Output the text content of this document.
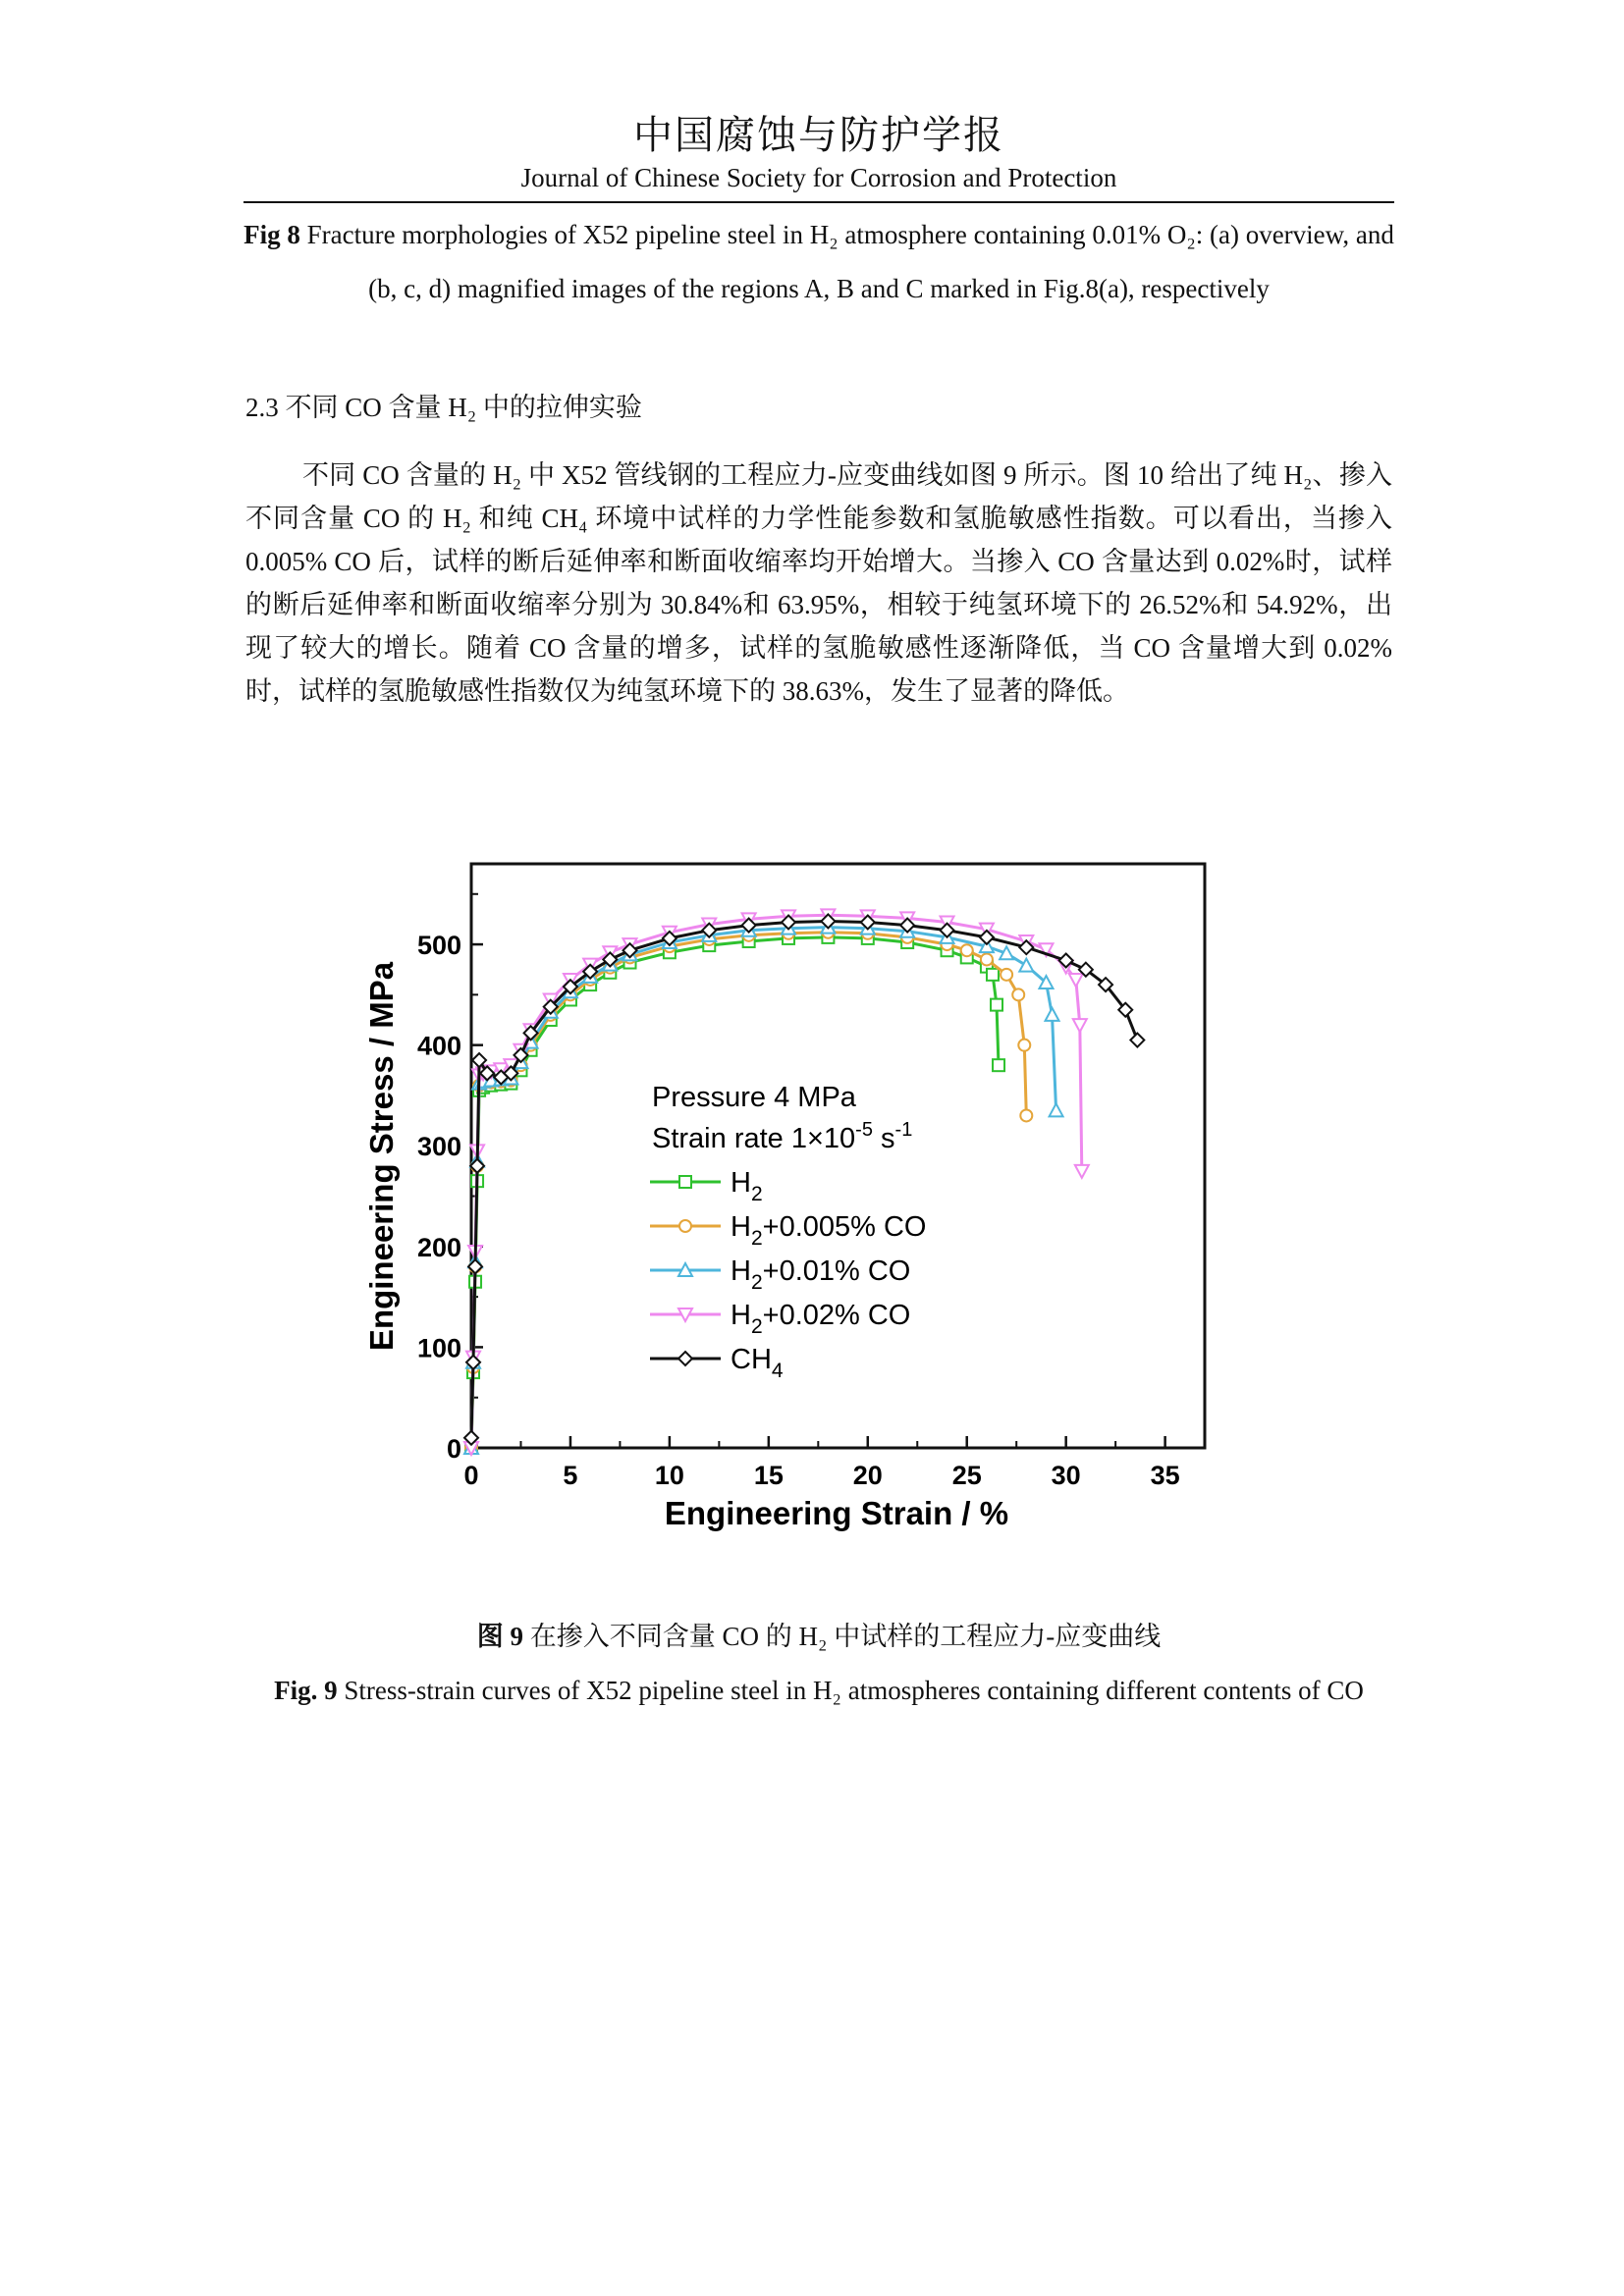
中国腐蚀与防护学报
Journal of Chinese Society for Corrosion and Protection
Fig 8 Fracture morphologies of X52 pipeline steel in H₂ atmosphere containing 0.01% O₂: (a) overview, and (b, c, d) magnified images of the regions A, B and C marked in Fig.8(a), respectively
2.3 不同 CO 含量 H₂ 中的拉伸实验
不同 CO 含量的 H₂ 中 X52 管线钢的工程应力-应变曲线如图 9 所示。图 10 给出了纯 H₂、掺入不同含量 CO 的 H₂ 和纯 CH₄ 环境中试样的力学性能参数和氢脆敏感性指数。可以看出，当掺入 0.005% CO 后，试样的断后延伸率和断面收缩率均开始增大。当掺入 CO 含量达到 0.02%时，试样的断后延伸率和断面收缩率分别为 30.84%和 63.95%，相较于纯氢环境下的 26.52%和 54.92%，出现了较大的增长。随着 CO 含量的增多，试样的氢脆敏感性逐渐降低，当 CO 含量增大到 0.02%时，试样的氢脆敏感性指数仅为纯氢环境下的 38.63%，发生了显著的降低。
0	5	10	15	20	25	30	35
0
100
200
300
400
500
Engineering Stress / MPa
Engineering Strain / %
Pressure 4 MPa
Strain rate $1\times 10^{-5}$ $s^{-1}$
$H_2$
$H_2+0.005\%$ CO
$H_2+0.01\%$ CO
$H_2+0.02\%$ CO
$CH_4$
图 9 在掺入不同含量 CO 的 H₂ 中试样的工程应力-应变曲线
Fig. 9 Stress-strain curves of X52 pipeline steel in H₂ atmospheres containing different contents of CO
